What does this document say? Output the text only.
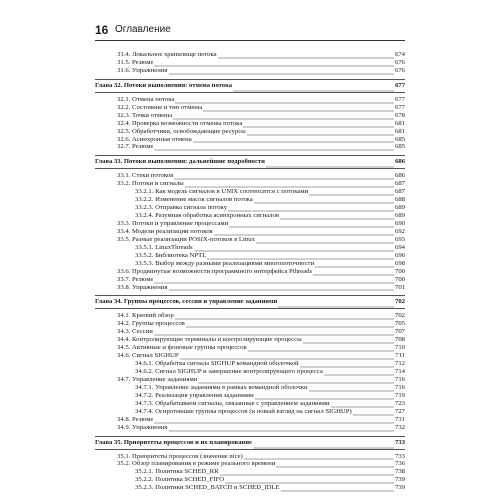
16 Оглавление
31.4. Локальное хранилище потока	674
31.5. Резюме	676
31.6. Упражнения	676
Глава 32. Потоки выполнения: отмена потока	677
32.1. Отмена потока	677
32.2. Состояние и тип отмены	677
32.3. Точки отмены	678
32.4. Проверка возможности отмены потока	681
32.5. Обработчики, освобождающие ресурсы	681
32.6. Асинхронная отмена	685
32.7. Резюме	685
Глава 33. Потоки выполнения: дальнейшие подробности	686
33.1. Стеки потоков	686
33.2. Потоки и сигналы	687
33.2.1. Как модель сигналов в UNIX соотносится с потоками	687
33.2.2. Изменение масок сигналов потока	688
33.2.3. Отправка сигнала потоку	689
33.2.4. Разумная обработка асинхронных сигналов	689
33.3. Потоки и управление процессами	690
33.4. Модели реализации потоков	692
33.5. Разные реализации POSIX-потоков в Linux	693
33.5.1. LinuxThreads	694
33.5.2. Библиотека NPTL	696
33.5.3. Выбор между разными реализациями многопоточности	698
33.6. Продвинутые возможности программного интерфейса Pthreads	700
33.7. Резюме	700
33.8. Упражнения	701
Глава 34. Группы процессов, сессии и управление заданиями	702
34.1. Краткий обзор	702
34.2. Группы процессов	705
34.3. Сессии	707
34.4. Контролирующие терминалы и контролирующие процессы	708
34.5. Активные и фоновые группы процессов	710
34.6. Сигнал SIGHUP	711
34.6.1. Обработка сигнала SIGHUP командной оболочкой	712
34.6.2. Сигнал SIGHUP и завершение контролирующего процесса	714
34.7. Управление заданиями	716
34.7.1. Управление заданиями в рамках командной оболочки	716
34.7.2. Реализация управления заданиями	719
34.7.3. Обрабатываем сигналы, связанные с управлением заданиями	723
34.7.4. Осиротевшие группы процессов (и новый взгляд на сигнал SIGHUP)	727
34.8. Резюме	731
34.9. Упражнения	732
Глава 35. Приоритеты процессов и их планирование	733
35.1. Приоритеты процессов (значение nice)	733
35.2. Обзор планирования в режиме реального времени	736
35.2.1. Политика SCHED_RR	738
35.2.2. Политика SCHED_FIFO	739
35.2.3. Политики SCHED_BATCH и SCHED_IDLE	739
